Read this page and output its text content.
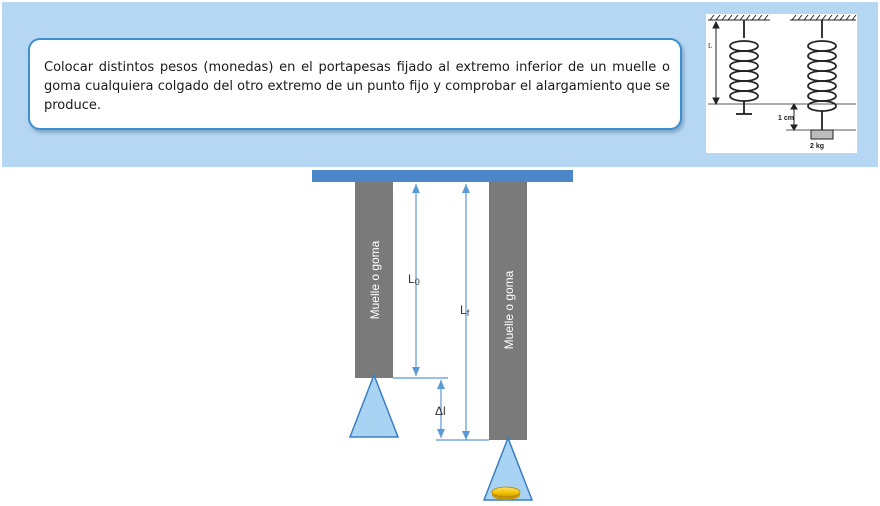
Colocar distintos pesos (monedas) en el portapesas fijado al extremo inferior de un muelle o goma cualquiera colgado del otro extremo de un punto fijo y comprobar el alargamiento que se produce.
L
1 cm
2 kg
Muelle o goma	Muelle o goma
L0
Lf
Δl
